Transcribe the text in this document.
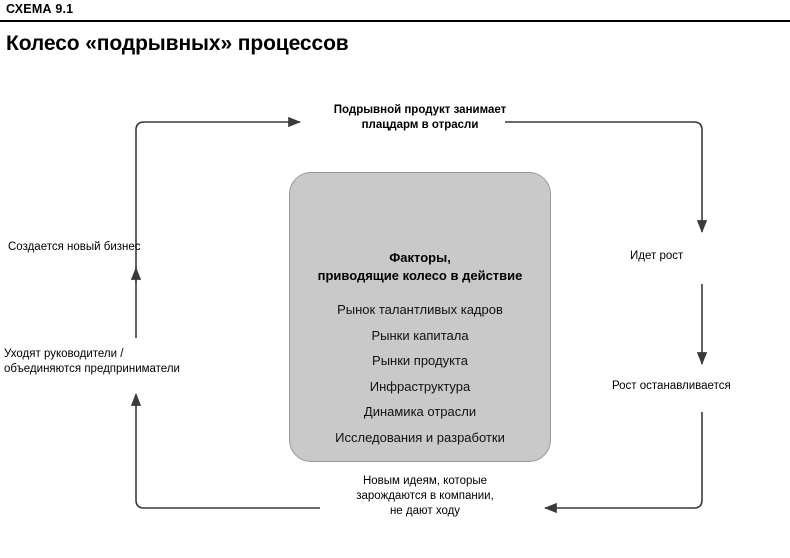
СХЕМА 9.1
Колесо «подрывных» процессов
Факторы,
приводящие колесо в действие
Рынок талантливых кадров
Рынки капитала
Рынки продукта
Инфраструктура
Динамика отрасли
Исследования и разработки
Подрывной продукт занимает
плацдарм в отрасли
Идет рост
Рост останавливается
Новым идеям, которые
зарождаются в компании,
не дают ходу
Создается новый бизнес
Уходят руководители /
объединяются предприниматели
